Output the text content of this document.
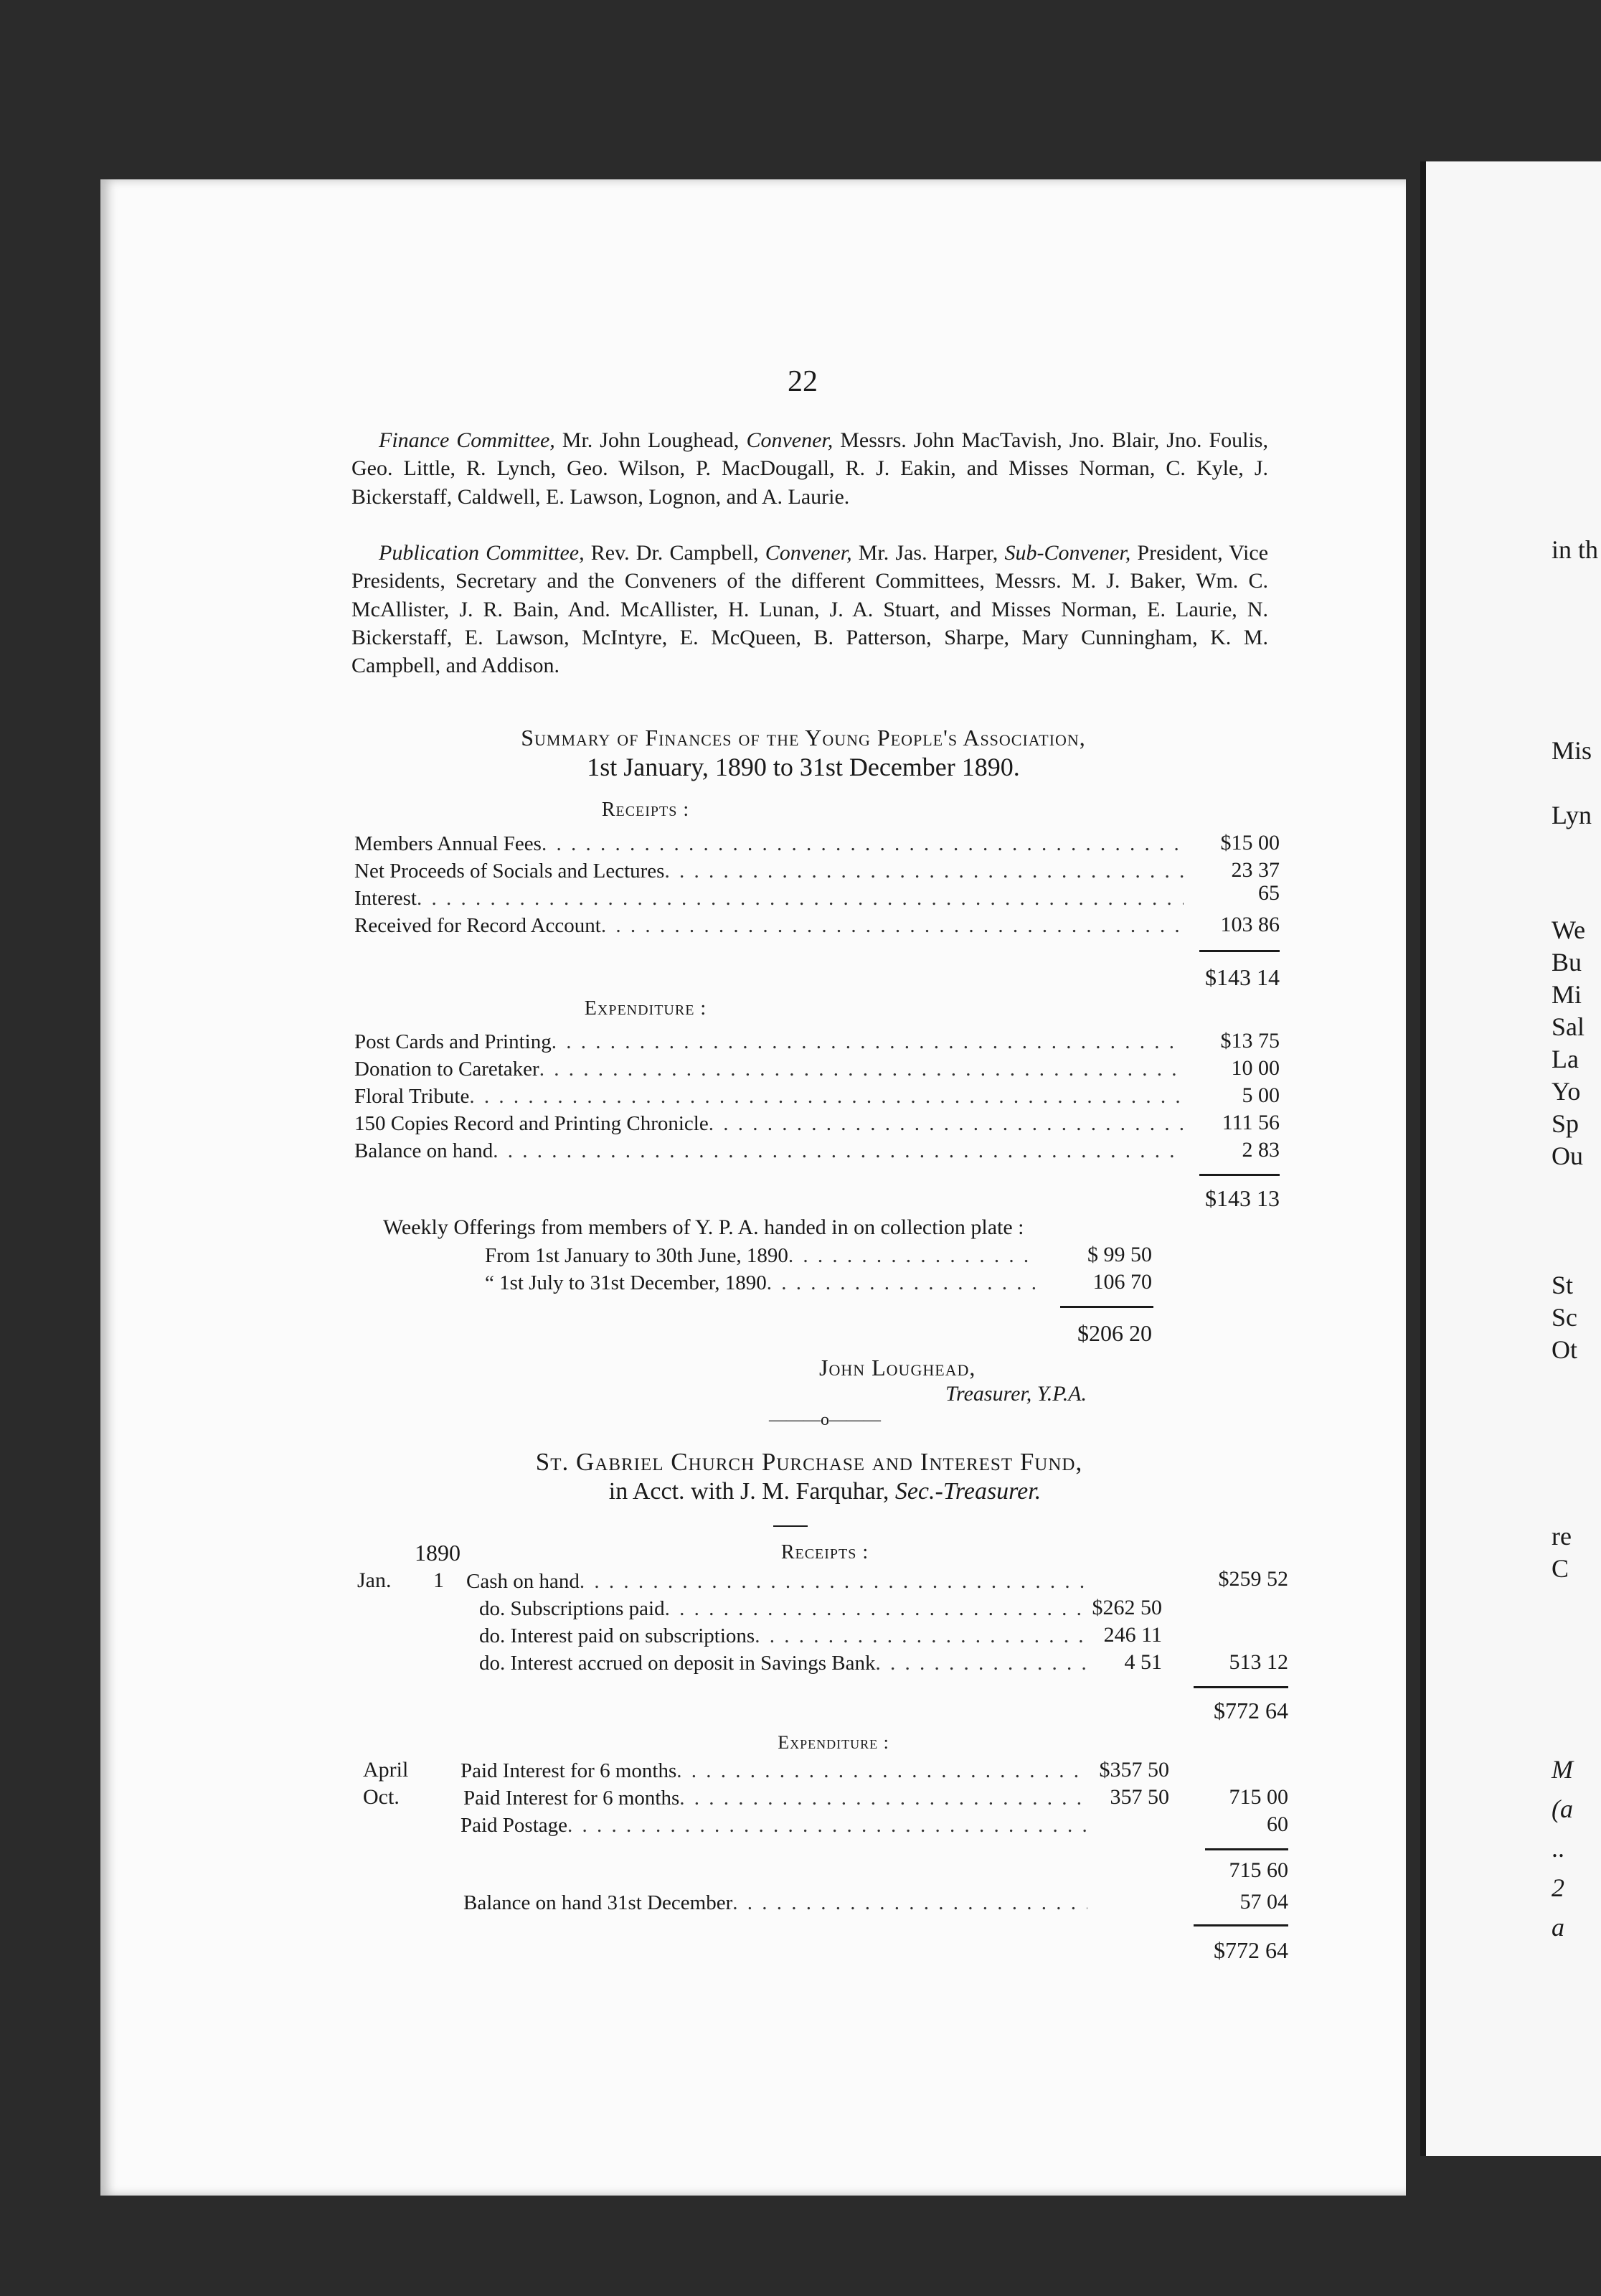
in th
Mis
Lyn
We
Bu
Mi
Sal
La
Yo
Sp
Ou
St
Sc
Ot
re
C
M
(a
..
2
a
22
Finance Committee, Mr. John Loughead, Convener, Messrs. John MacTavish, Jno. Blair, Jno. Foulis, Geo. Little, R. Lynch, Geo. Wilson, P. MacDougall, R. J. Eakin, and Misses Norman, C. Kyle, J. Bickerstaff, Caldwell, E. Lawson, Lognon, and A. Laurie.
Publication Committee, Rev. Dr. Campbell, Convener, Mr. Jas. Harper, Sub-Convener, President, Vice Presidents, Secretary and the Conveners of the different Committees, Messrs. M. J. Baker, Wm. C. McAllister, J. R. Bain, And. McAllister, H. Lunan, J. A. Stuart, and Misses Norman, E. Laurie, N. Bickerstaff, E. Lawson, McIntyre, E. McQueen, B. Patterson, Sharpe, Mary Cunningham, K. M. Campbell, and Addison.
Summary of Finances of the Young People's Association,
1st January, 1890 to 31st December 1890.
Receipts :
Members Annual Fees . . .	$15 00
Net Proceeds of Socials and Lectures . . .	23 37
Interest . . .	65
Received for Record Account . . .	103 86
$143 14
Expenditure :
Post Cards and Printing . . .	$13 75
Donation to Caretaker . . .	10 00
Floral Tribute . . .	5 00
150 Copies Record and Printing Chronicle . . .	111 56
Balance on hand . . .	2 83
$143 13
Weekly Offerings from members of Y. P. A. handed in on collection plate :
From 1st January to 30th June, 1890 . . .	$ 99 50
“ 1st July to 31st December, 1890 . . .	106 70
$206 20
John Loughead,
Treasurer, Y.P.A.
———o———
St. Gabriel Church Purchase and Interest Fund,
in Acct. with J. M. Farquhar, Sec.-Treasurer.
1890	Receipts :
Jan. 1 Cash on hand . . .	$259 52
do. Subscriptions paid . . .	$262 50
do. Interest paid on subscriptions . . .	246 11
do. Interest accrued on deposit in Savings Bank . . .	4 51	513 12
$772 64
Expenditure :
April	Paid Interest for 6 months . . .	$357 50
Oct.	Paid Interest for 6 months . . .	357 50	715 00
Paid Postage . . .	60
715 60
Balance on hand 31st December . . .	57 04
$772 64
